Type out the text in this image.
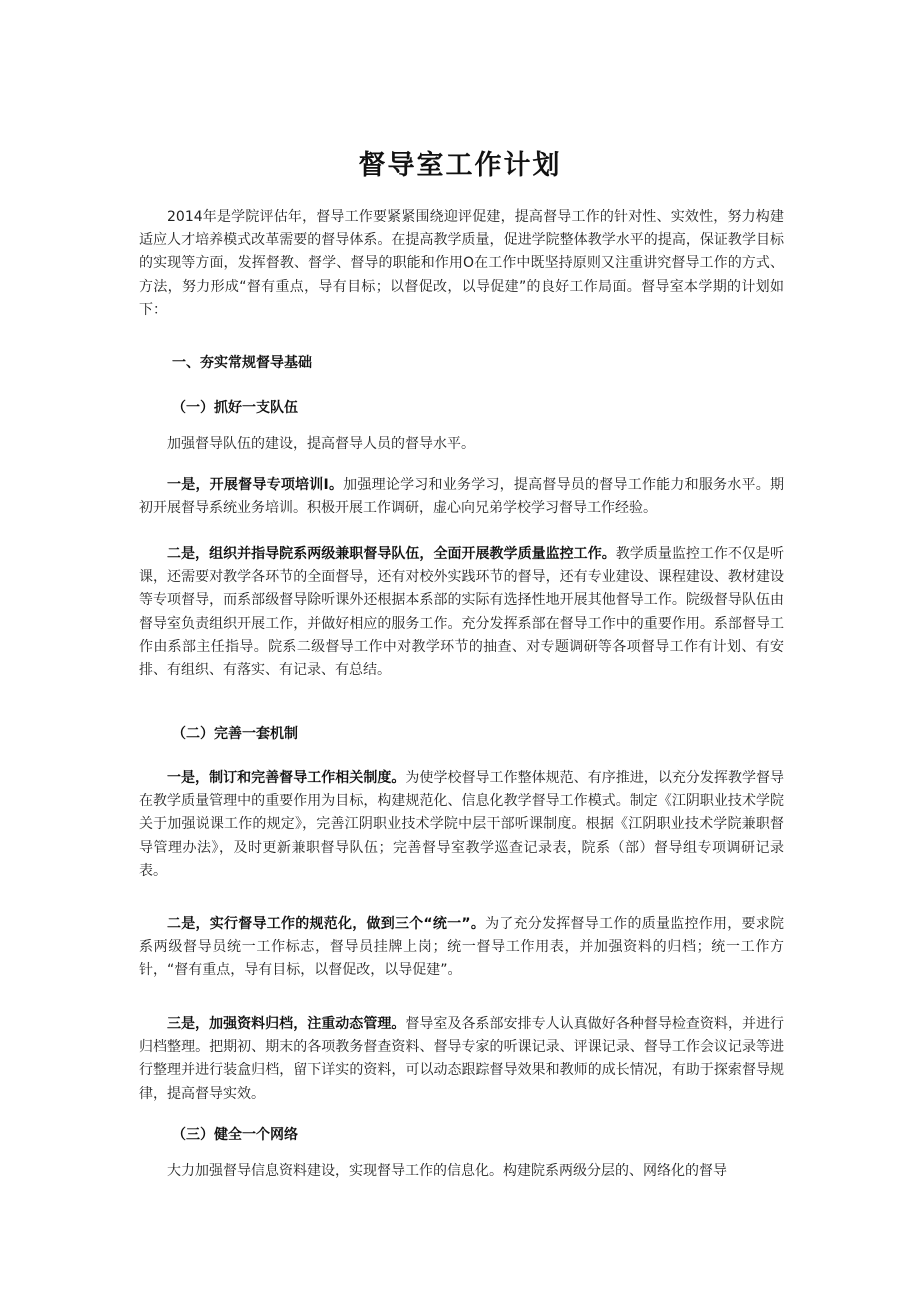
督导室工作计划

2014年是学院评估年，督导工作要紧紧围绕迎评促建，提高督导工作的针对性、实效性，努力构建适应人才培养模式改革需要的督导体系。在提高教学质量，促进学院整体教学水平的提高，保证教学目标的实现等方面，发挥督教、督学、督导的职能和作用O在工作中既坚持原则又注重讲究督导工作的方式、方法，努力形成“督有重点，导有目标；以督促改，以导促建”的良好工作局面。督导室本学期的计划如下：

一、夯实常规督导基础
（一）抓好一支队伍

加强督导队伍的建设，提高督导人员的督导水平。

一是，开展督导专项培训I。加强理论学习和业务学习，提高督导员的督导工作能力和服务水平。期初开展督导系统业务培训。积极开展工作调研，虚心向兄弟学校学习督导工作经验。

二是，组织并指导院系两级兼职督导队伍，全面开展教学质量监控工作。教学质量监控工作不仅是听课，还需要对教学各环节的全面督导，还有对校外实践环节的督导，还有专业建设、课程建设、教材建设等专项督导，而系部级督导除听课外还根据本系部的实际有选择性地开展其他督导工作。院级督导队伍由督导室负责组织开展工作，并做好相应的服务工作。充分发挥系部在督导工作中的重要作用。系部督导工作由系部主任指导。院系二级督导工作中对教学环节的抽查、对专题调研等各项督导工作有计划、有安排、有组织、有落实、有记录、有总结。

（二）完善一套机制

一是，制订和完善督导工作相关制度。为使学校督导工作整体规范、有序推进，以充分发挥教学督导在教学质量管理中的重要作用为目标，构建规范化、信息化教学督导工作模式。制定《江阴职业技术学院关于加强说课工作的规定》，完善江阴职业技术学院中层干部听课制度。根据《江阴职业技术学院兼职督导管理办法》，及时更新兼职督导队伍；完善督导室教学巡查记录表，院系（部）督导组专项调研记录表。

二是，实行督导工作的规范化，做到三个“统一”。为了充分发挥督导工作的质量监控作用，要求院系两级督导员统一工作标志，督导员挂牌上岗；统一督导工作用表，并加强资料的归档；统一工作方针，“督有重点，导有目标，以督促改，以导促建”。

三是，加强资料归档，注重动态管理。督导室及各系部安排专人认真做好各种督导检查资料，并进行归档整理。把期初、期末的各项教务督查资料、督导专家的听课记录、评课记录、督导工作会议记录等进行整理并进行装盒归档，留下详实的资料，可以动态跟踪督导效果和教师的成长情况，有助于探索督导规律，提高督导实效。

（三）健全一个网络

大力加强督导信息资料建设，实现督导工作的信息化。构建院系两级分层的、网络化的督导
